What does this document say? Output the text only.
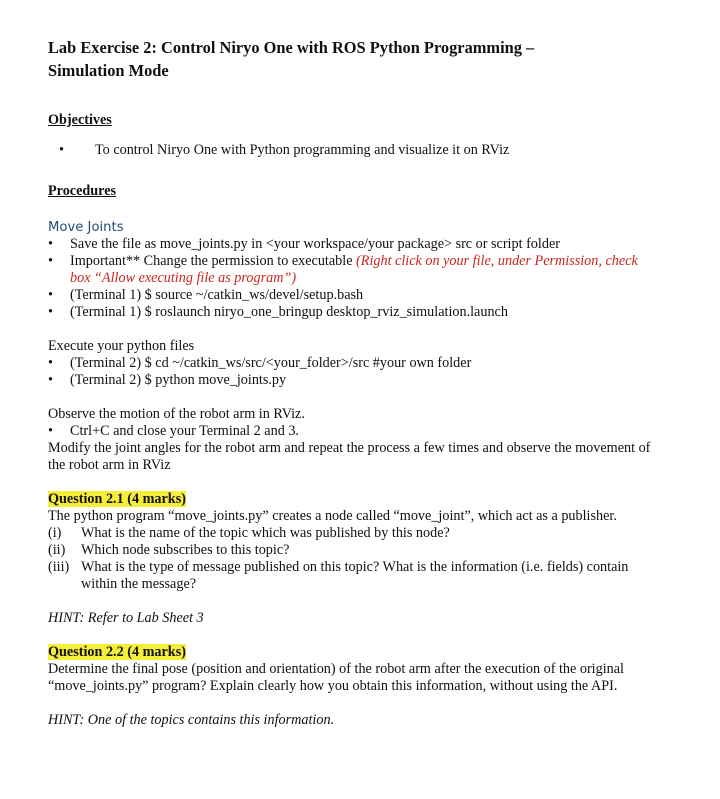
Lab Exercise 2: Control Niryo One with ROS Python Programming –
Simulation Mode
Objectives
• To control Niryo One with Python programming and visualize it on RViz
Procedures
Move Joints
• Save the file as move_joints.py in <your workspace/your package> src or script folder
• Important** Change the permission to executable (Right click on your file, under Permission, check box “Allow executing file as program”)
• (Terminal 1) $ source ~/catkin_ws/devel/setup.bash
• (Terminal 1) $ roslaunch niryo_one_bringup desktop_rviz_simulation.launch
Execute your python files
• (Terminal 2) $ cd ~/catkin_ws/src/<your_folder>/src #your own folder
• (Terminal 2) $ python move_joints.py
Observe the motion of the robot arm in RViz.
• Ctrl+C and close your Terminal 2 and 3.
Modify the joint angles for the robot arm and repeat the process a few times and observe the movement of the robot arm in RViz
Question 2.1 (4 marks)
The python program “move_joints.py” creates a node called “move_joint”, which act as a publisher.
(i) What is the name of the topic which was published by this node?
(ii) Which node subscribes to this topic?
(iii) What is the type of message published on this topic? What is the information (i.e. fields) contain within the message?
HINT: Refer to Lab Sheet 3
Question 2.2 (4 marks)
Determine the final pose (position and orientation) of the robot arm after the execution of the original “move_joints.py” program? Explain clearly how you obtain this information, without using the API.
HINT: One of the topics contains this information.
